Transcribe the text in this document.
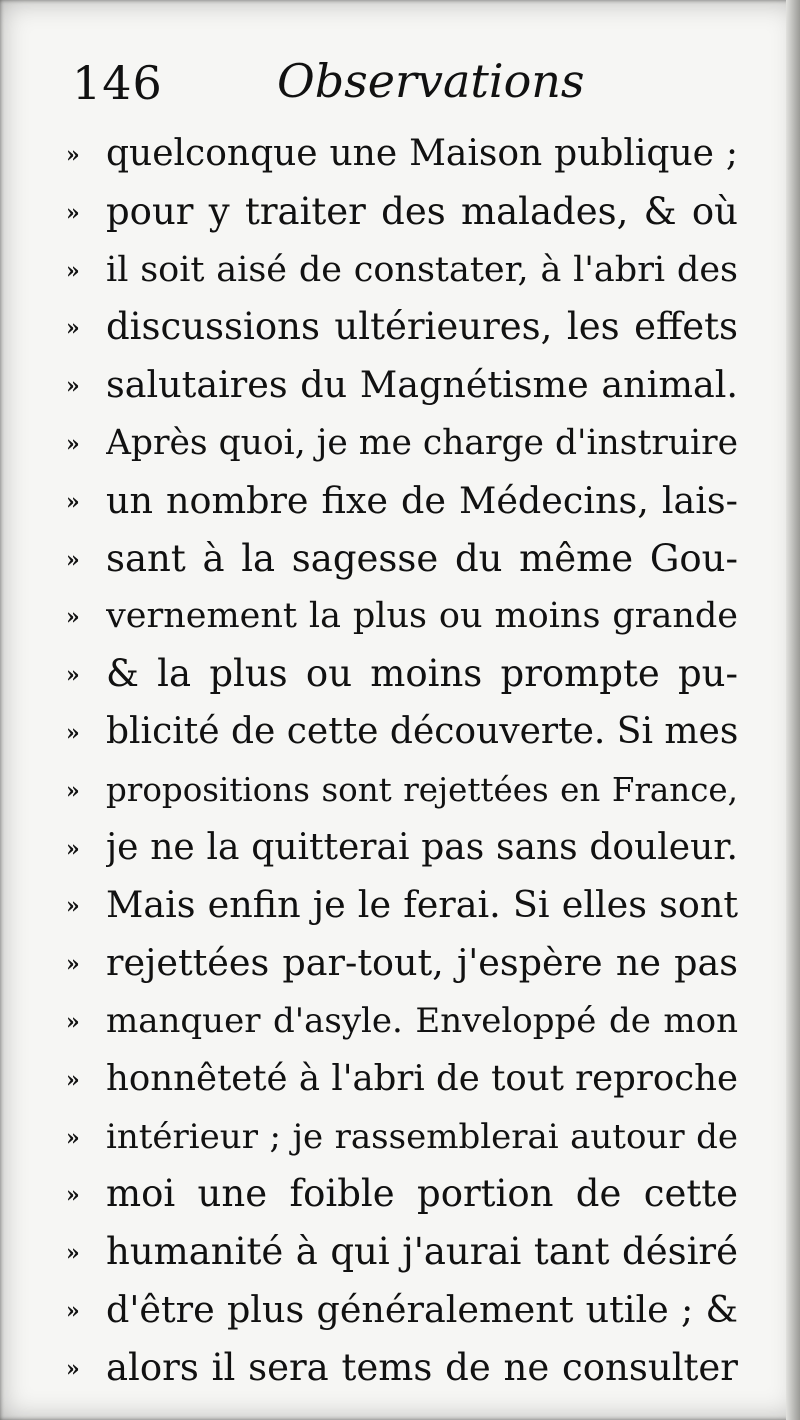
146 Observations
» quelconque une Maison publique ;
» pour y traiter des malades, & où
» il soit aisé de constater, à l'abri des
» discussions ultérieures, les effets
» salutaires du Magnétisme animal.
» Après quoi, je me charge d'instruire
» un nombre fixe de Médecins, lais-
» sant à la sagesse du même Gou-
» vernement la plus ou moins grande
» & la plus ou moins prompte pu-
» blicité de cette découverte. Si mes
» propositions sont rejettées en France,
» je ne la quitterai pas sans douleur.
» Mais enfin je le ferai. Si elles sont
» rejettées par-tout, j'espère ne pas
» manquer d'asyle. Enveloppé de mon
» honnêteté à l'abri de tout reproche
» intérieur ; je rassemblerai autour de
» moi une foible portion de cette
» humanité à qui j'aurai tant désiré
» d'être plus généralement utile ; &
» alors il sera tems de ne consulter
